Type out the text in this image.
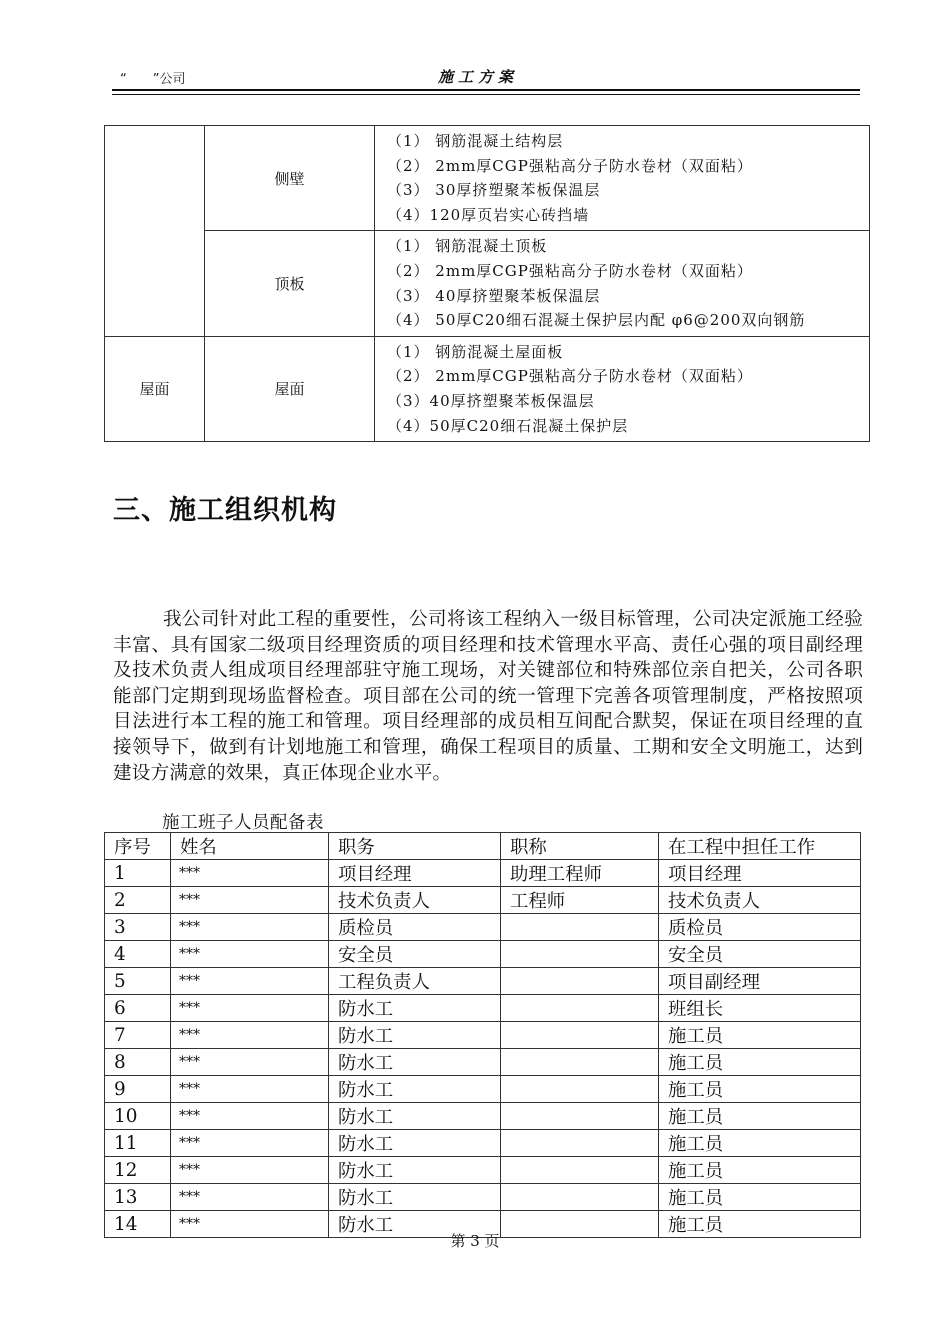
“　　”公司	施工方案
	侧壁	（1） 钢筋混凝土结构层
（2） 2mm厚CGP强粘高分子防水卷材（双面粘）
（3） 30厚挤塑聚苯板保温层
（4）120厚页岩实心砖挡墙

	顶板	（1） 钢筋混凝土顶板
（2） 2mm厚CGP强粘高分子防水卷材（双面粘）
（3） 40厚挤塑聚苯板保温层
（4） 50厚C20细石混凝土保护层内配 φ6@200双向钢筋

屋面	屋面	（1） 钢筋混凝土屋面板
（2） 2mm厚CGP强粘高分子防水卷材（双面粘）
（3）40厚挤塑聚苯板保温层
（4）50厚C20细石混凝土保护层
三、施工组织机构
我公司针对此工程的重要性，公司将该工程纳入一级目标管理，公司决定派施工经验丰富、具有国家二级项目经理资质的项目经理和技术管理水平高、责任心强的项目副经理及技术负责人组成项目经理部驻守施工现场，对关键部位和特殊部位亲自把关，公司各职能部门定期到现场监督检查。项目部在公司的统一管理下完善各项管理制度，严格按照项目法进行本工程的施工和管理。项目经理部的成员相互间配合默契，保证在项目经理的直接领导下，做到有计划地施工和管理，确保工程项目的质量、工期和安全文明施工，达到建设方满意的效果，真正体现企业水平。
施工班子人员配备表
序号	姓名	职务	职称	在工程中担任工作
1	***	项目经理	助理工程师	项目经理
2	***	技术负责人	工程师	技术负责人
3	***	质检员		质检员
4	***	安全员		安全员
5	***	工程负责人		项目副经理
6	***	防水工		班组长
7	***	防水工		施工员
8	***	防水工		施工员
9	***	防水工		施工员
10	***	防水工		施工员
11	***	防水工		施工员
12	***	防水工		施工员
13	***	防水工		施工员
14	***	防水工		施工员
第 3 页
